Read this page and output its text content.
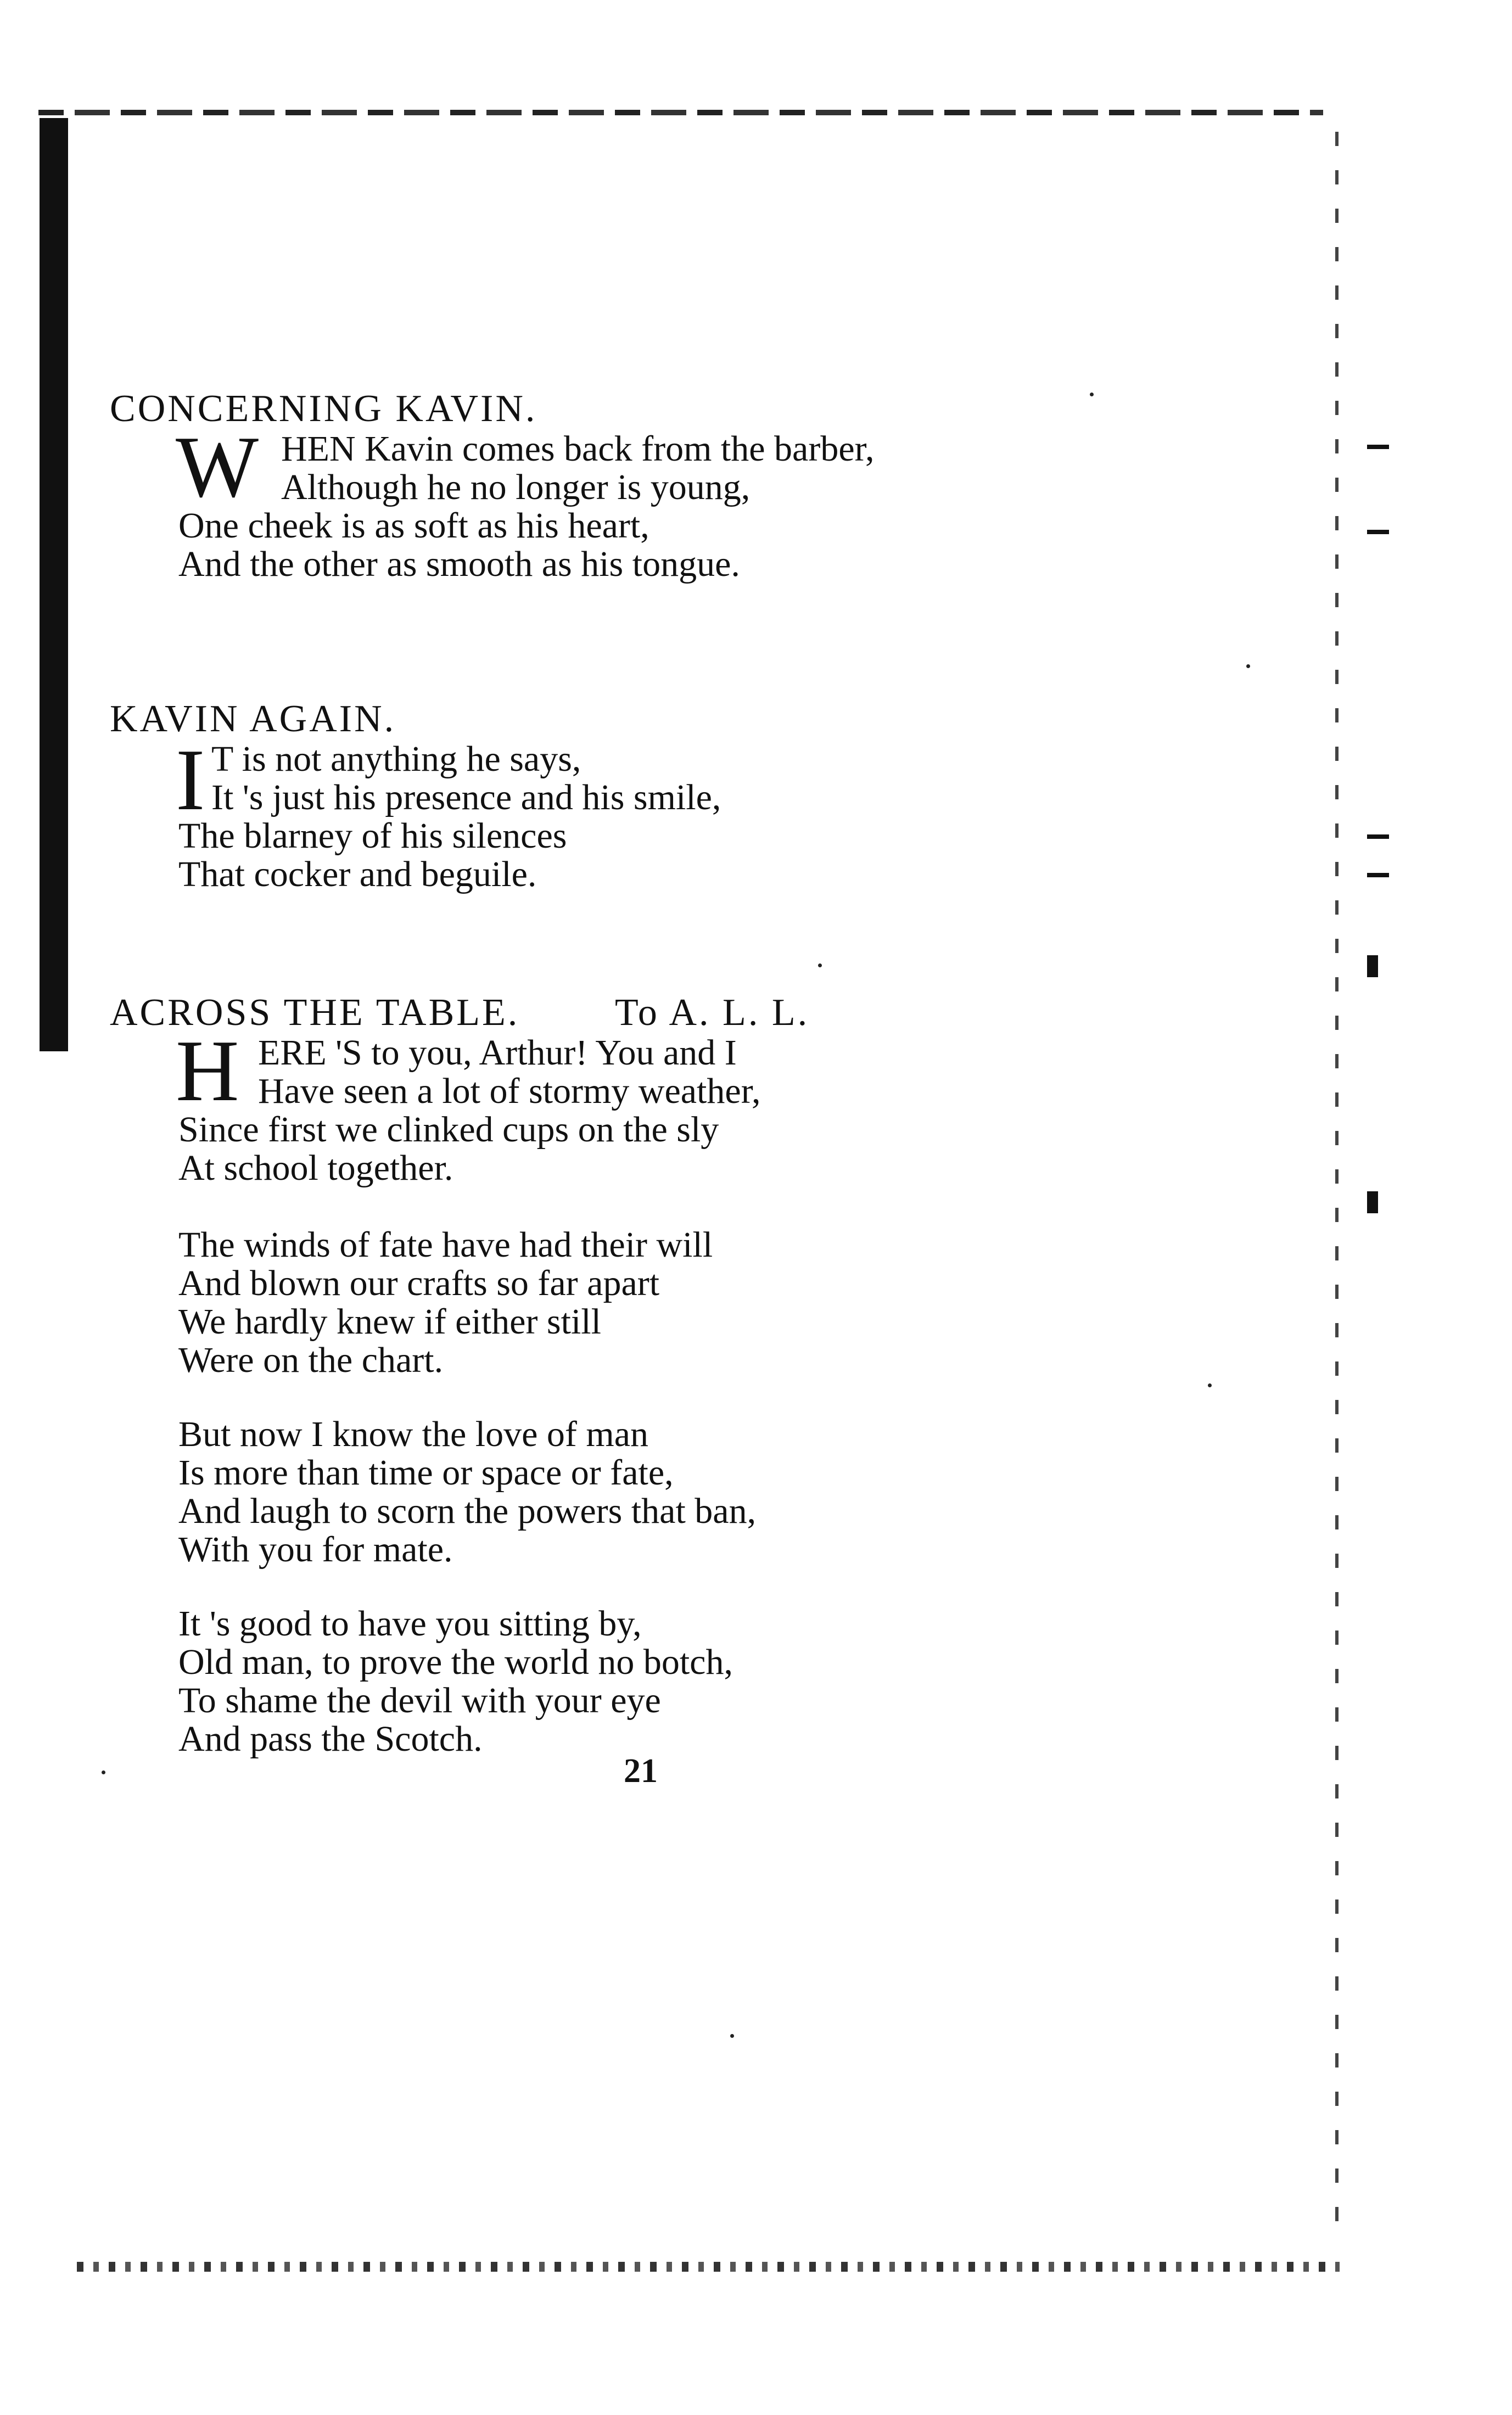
CONCERNING KAVIN.
W HEN Kavin comes back from the barber,
Although he no longer is young,
One cheek is as soft as his heart,
And the other as smooth as his tongue.
KAVIN AGAIN.
I T is not anything he says,
It 's just his presence and his smile,
The blarney of his silences
That cocker and beguile.
ACROSS THE TABLE. To A. L. L.
H ERE 'S to you, Arthur! You and I
Have seen a lot of stormy weather,
Since first we clinked cups on the sly
At school together.
The winds of fate have had their will
And blown our crafts so far apart
We hardly knew if either still
Were on the chart.
But now I know the love of man
Is more than time or space or fate,
And laugh to scorn the powers that ban,
With you for mate.
It 's good to have you sitting by,
Old man, to prove the world no botch,
To shame the devil with your eye
And pass the Scotch.
21
